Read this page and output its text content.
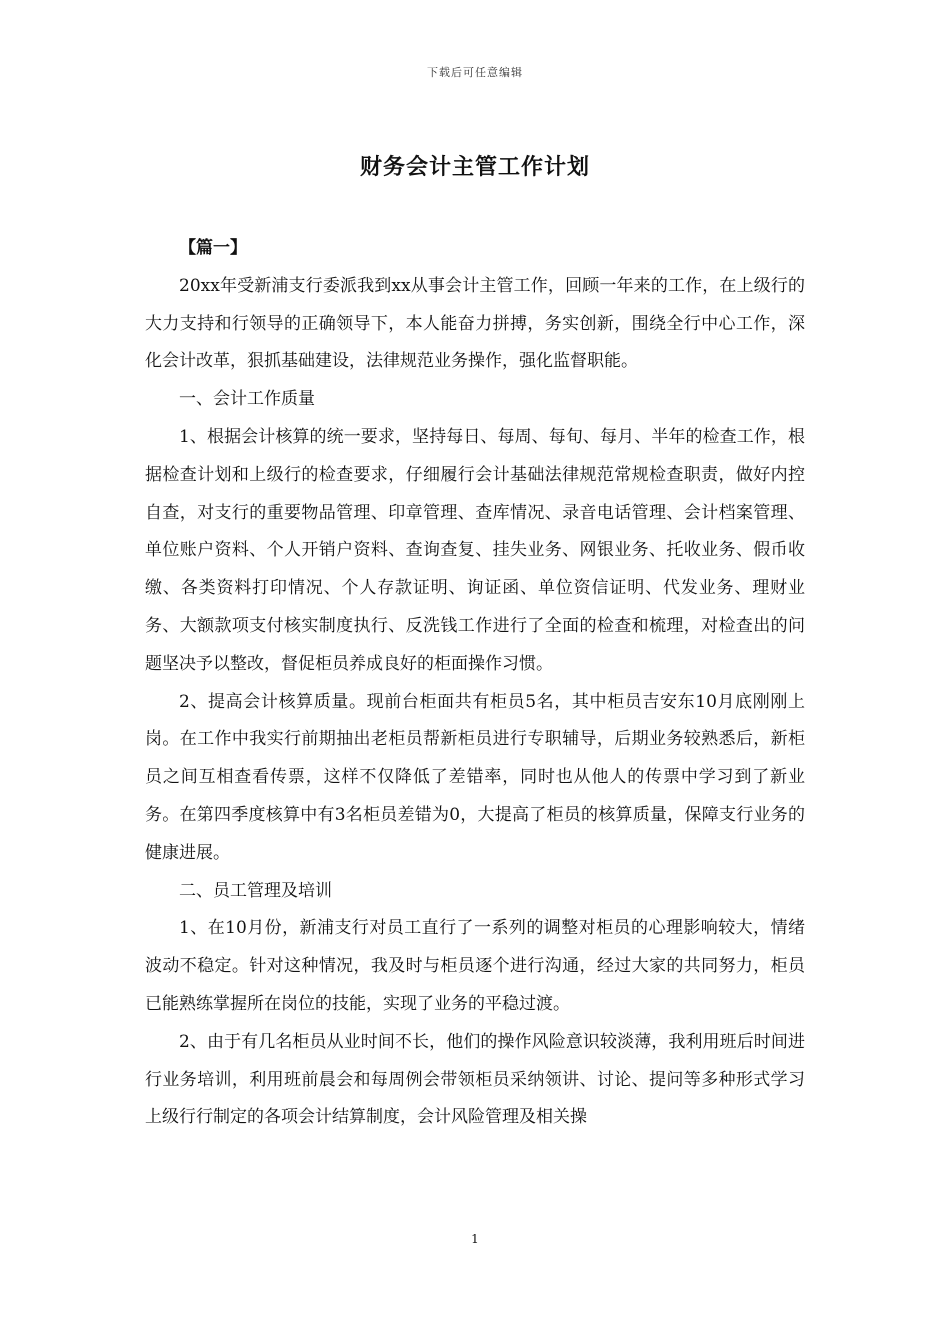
下载后可任意编辑
财务会计主管工作计划

【篇一】

20xx年受新浦支行委派我到xx从事会计主管工作，回顾一年来的工作，在上级行的大力支持和行领导的正确领导下，本人能奋力拼搏，务实创新，围绕全行中心工作，深化会计改革，狠抓基础建设，法律规范业务操作，强化监督职能。

一、会计工作质量

1、根据会计核算的统一要求，坚持每日、每周、每旬、每月、半年的检查工作，根据检查计划和上级行的检查要求，仔细履行会计基础法律规范常规检查职责，做好内控自查，对支行的重要物品管理、印章管理、查库情况、录音电话管理、会计档案管理、单位账户资料、个人开销户资料、查询查复、挂失业务、网银业务、托收业务、假币收缴、各类资料打印情况、个人存款证明、询证函、单位资信证明、代发业务、理财业务、大额款项支付核实制度执行、反洗钱工作进行了全面的检查和梳理，对检查出的问题坚决予以整改，督促柜员养成良好的柜面操作习惯。

2、提高会计核算质量。现前台柜面共有柜员5名，其中柜员吉安东10月底刚刚上岗。在工作中我实行前期抽出老柜员帮新柜员进行专职辅导，后期业务较熟悉后，新柜员之间互相查看传票，这样不仅降低了差错率，同时也从他人的传票中学习到了新业务。在第四季度核算中有3名柜员差错为0，大提高了柜员的核算质量，保障支行业务的健康进展。

二、员工管理及培训

1、在10月份，新浦支行对员工直行了一系列的调整对柜员的心理影响较大，情绪波动不稳定。针对这种情况，我及时与柜员逐个进行沟通，经过大家的共同努力，柜员已能熟练掌握所在岗位的技能，实现了业务的平稳过渡。

2、由于有几名柜员从业时间不长，他们的操作风险意识较淡薄，我利用班后时间进行业务培训，利用班前晨会和每周例会带领柜员采纳领讲、讨论、提问等多种形式学习上级行行制定的各项会计结算制度，会计风险管理及相关操

1
